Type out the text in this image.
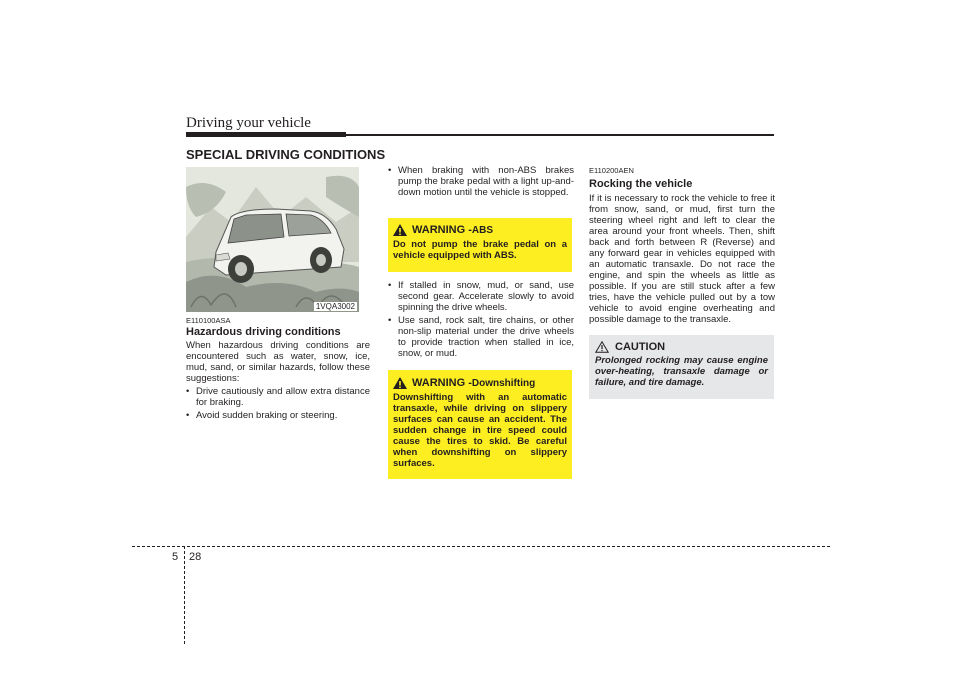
Driving your vehicle
SPECIAL DRIVING CONDITIONS
1VQA3002
E110100ASA
Hazardous driving conditions
When hazardous driving conditions are encountered such as water, snow, ice, mud, sand, or similar hazards, follow these suggestions:
• Drive cautiously and allow extra distance for braking.
• Avoid sudden braking or steering.
• When braking with non-ABS brakes pump the brake pedal with a light up-and-down motion until the vehicle is stopped.
WARNING - ABS
Do not pump the brake pedal on a vehicle equipped with ABS.
• If stalled in snow, mud, or sand, use second gear. Accelerate slowly to avoid spinning the drive wheels.
• Use sand, rock salt, tire chains, or other non-slip material under the drive wheels to provide traction when stalled in ice, snow, or mud.
WARNING - Downshifting
Downshifting with an automatic transaxle, while driving on slippery surfaces can cause an accident. The sudden change in tire speed could cause the tires to skid. Be careful when downshifting on slippery surfaces.
E110200AEN
Rocking the vehicle
If it is necessary to rock the vehicle to free it from snow, sand, or mud, first turn the steering wheel right and left to clear the area around your front wheels. Then, shift back and forth between R (Reverse) and any forward gear in vehicles equipped with an automatic transaxle. Do not race the engine, and spin the wheels as little as possible. If you are still stuck after a few tries, have the vehicle pulled out by a tow vehicle to avoid engine overheating and possible damage to the transaxle.
CAUTION
Prolonged rocking may cause engine over-heating, transaxle damage or failure, and tire damage.
5 28
